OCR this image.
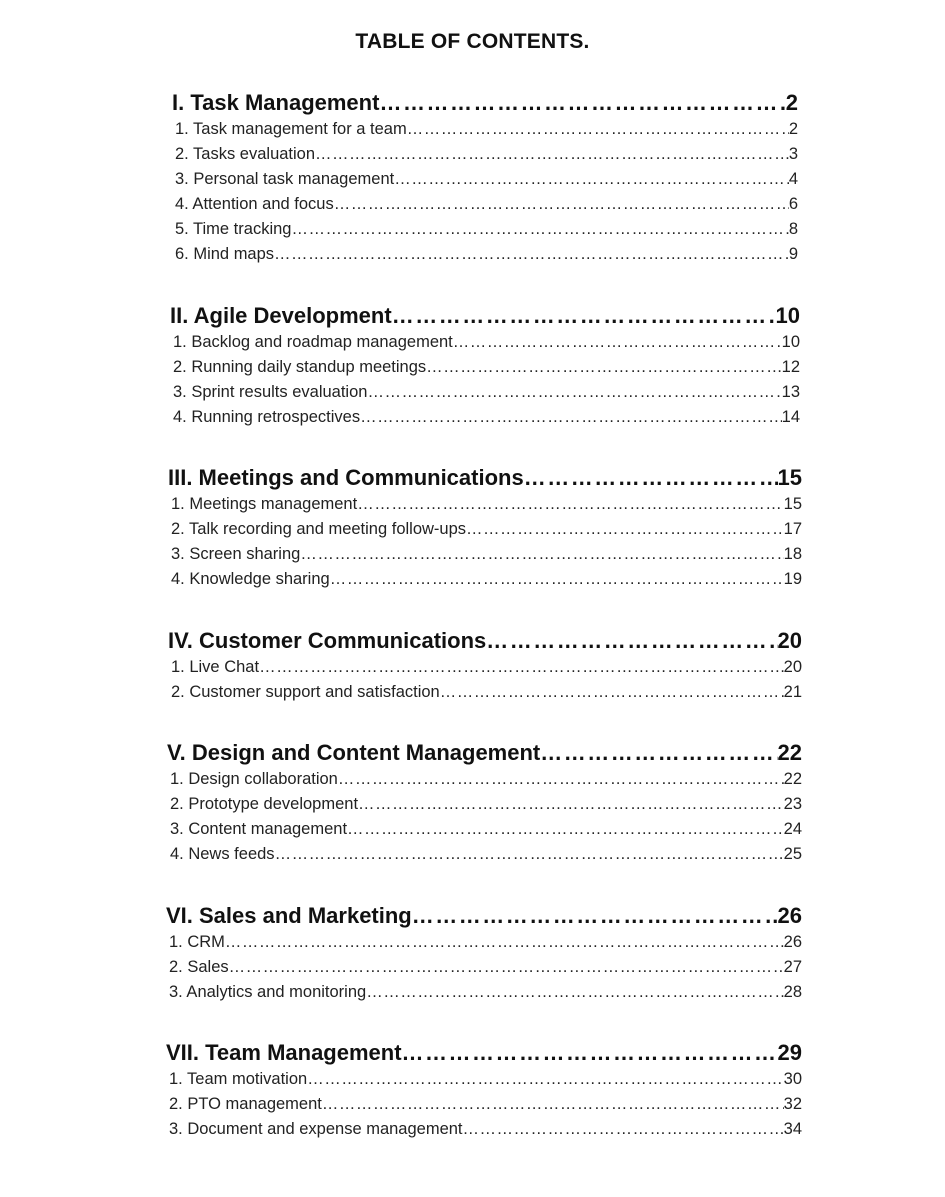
TABLE OF CONTENTS.
I. Task Management ………………………………………………………………………………………………………………………………………………………………………………………………………………………………………………	2
1. Task management for a team ………………………………………………………………………………………………………………………………………………………………………………………………………………………………………………	2
2. Tasks evaluation ………………………………………………………………………………………………………………………………………………………………………………………………………………………………………………	3
3. Personal task management ………………………………………………………………………………………………………………………………………………………………………………………………………………………………………………	4
4. Attention and focus ………………………………………………………………………………………………………………………………………………………………………………………………………………………………………………	6
5. Time tracking ………………………………………………………………………………………………………………………………………………………………………………………………………………………………………………	8
6. Mind maps ………………………………………………………………………………………………………………………………………………………………………………………………………………………………………………	9
II. Agile Development ………………………………………………………………………………………………………………………………………………………………………………………………………………………………………………	10
1. Backlog and roadmap management ………………………………………………………………………………………………………………………………………………………………………………………………………………………………………………	10
2. Running daily standup meetings ………………………………………………………………………………………………………………………………………………………………………………………………………………………………………………	12
3. Sprint results evaluation ………………………………………………………………………………………………………………………………………………………………………………………………………………………………………………	13
4. Running retrospectives ………………………………………………………………………………………………………………………………………………………………………………………………………………………………………………	14
III. Meetings and Communications ………………………………………………………………………………………………………………………………………………………………………………………………………………………………………………	15
1. Meetings management ………………………………………………………………………………………………………………………………………………………………………………………………………………………………………………	15
2. Talk recording and meeting follow-ups ………………………………………………………………………………………………………………………………………………………………………………………………………………………………………………	17
3. Screen sharing ………………………………………………………………………………………………………………………………………………………………………………………………………………………………………………	18
4. Knowledge sharing ………………………………………………………………………………………………………………………………………………………………………………………………………………………………………………	19
IV. Customer Communications ………………………………………………………………………………………………………………………………………………………………………………………………………………………………………………	20
1. Live Chat ………………………………………………………………………………………………………………………………………………………………………………………………………………………………………………	20
2. Customer support and satisfaction ………………………………………………………………………………………………………………………………………………………………………………………………………………………………………………	21
V. Design and Content Management ………………………………………………………………………………………………………………………………………………………………………………………………………………………………………………	22
1. Design collaboration ………………………………………………………………………………………………………………………………………………………………………………………………………………………………………………	22
2. Prototype development ………………………………………………………………………………………………………………………………………………………………………………………………………………………………………………	23
3. Content management ………………………………………………………………………………………………………………………………………………………………………………………………………………………………………………	24
4. News feeds ………………………………………………………………………………………………………………………………………………………………………………………………………………………………………………	25
VI. Sales and Marketing ………………………………………………………………………………………………………………………………………………………………………………………………………………………………………………	26
1. CRM ………………………………………………………………………………………………………………………………………………………………………………………………………………………………………………	26
2. Sales ………………………………………………………………………………………………………………………………………………………………………………………………………………………………………………	27
3. Analytics and monitoring ………………………………………………………………………………………………………………………………………………………………………………………………………………………………………………	28
VII. Team Management ………………………………………………………………………………………………………………………………………………………………………………………………………………………………………………	29
1. Team motivation ………………………………………………………………………………………………………………………………………………………………………………………………………………………………………………	30
2. PTO management ………………………………………………………………………………………………………………………………………………………………………………………………………………………………………………	32
3. Document and expense management ………………………………………………………………………………………………………………………………………………………………………………………………………………………………………………	34
